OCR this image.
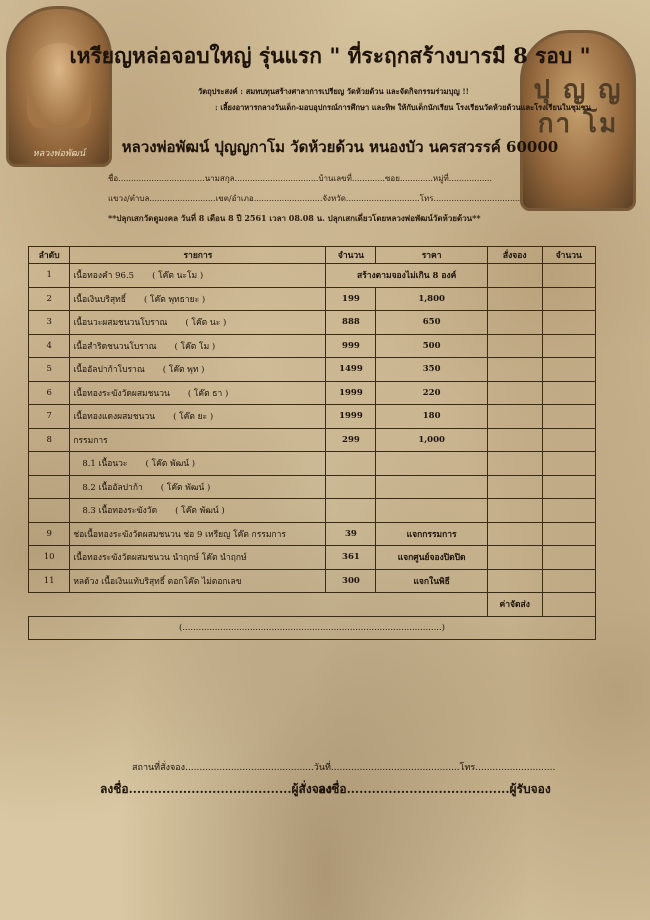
หลวงพ่อพัฒน์
ปุ ญ ญ กา โม
เหรียญหล่อจอบใหญ่ รุ่นแรก " ที่ระฤกสร้างบารมี 8 รอบ "
วัตถุประสงค์ : สมทบทุนสร้างศาลาการเปรียญ วัดห้วยด้วน และจัดกิจกรรมร่วมบุญ !!
: เลี้ยงอาหารกลางวันเด็ก-มอบอุปกรณ์การศึกษา และทิพ ให้กับเด็กนักเรียน โรงเรียนวัดห้วยด้วนและโรงเรียนในชุมชน
หลวงพ่อพัฒน์ ปุญญกาโม วัดห้วยด้วน หนองบัว นครสวรรค์ 60000
ชื่อ..................................นามสกุล.................................บ้านเลขที่.............ซอย.............หมู่ที่.................
แขวง/ตำบล..........................เขต/อำเภอ...........................จังหวัด.............................โทร..................................
**ปลุกเสกวัดตูมงคล วันที่ 8 เดือน 8 ปี 2561 เวลา 08.08 น. ปลุกเสกเดี่ยวโดยหลวงพ่อพัฒน์วัดห้วยด้วน**
ลำดับ	รายการ	จำนวน	ราคา	สั่งจอง	จำนวน
1	เนื้อทองคำ 96.5 ( โค๊ต นะโม )	สร้างตามจองไม่เกิน 8 องค์			
2	เนื้อเงินบริสุทธิ์ ( โค๊ต พุทธายะ )	199	1,800		
3	เนื้อนวะผสมชนวนโบราณ ( โค๊ต นะ )	888	650		
4	เนื้อสำริดชนวนโบราณ ( โค๊ต โม )	999	500		
5	เนื้ออัลปาก้าโบราณ ( โค๊ต พุท )	1499	350		
6	เนื้อทองระฆังวัดผสมชนวน ( โค๊ต ธา )	1999	220		
7	เนื้อทองแดงผสมชนวน ( โค๊ต ยะ )	1999	180		
8	กรรมการ	299	1,000		
	8.1 เนื้อนวะ ( โค๊ต พัฒน์ )				
	8.2 เนื้ออัลปาก้า ( โค๊ต พัฒน์ )				
	8.3 เนื้อทองระฆังวัด ( โค๊ต พัฒน์ )				
9	ช่อเนื้อทองระฆังวัดผสมชนวน ช่อ 9 เหรียญ โค๊ต กรรมการ	39	แจกกรรมการ		
10	เนื้อทองระฆังวัดผสมชนวน นำฤกษ์ โค๊ต นำฤกษ์	361	แจกศูนย์จองปิดปิด		
11	หลด้วง เนื้อเงินแท้บริสุทธิ์ ตอกโค๊ต ไม่ตอกเลข	300	แจกในพิธี		
				ค่าจัดส่ง	
(................................................................................................)					
สถานที่สั่งจอง.............................................วันที่.............................................โทร............................
ลงชื่อ.......................................ผู้สั่งจอง
ลงชื่อ.......................................ผู้รับจอง
